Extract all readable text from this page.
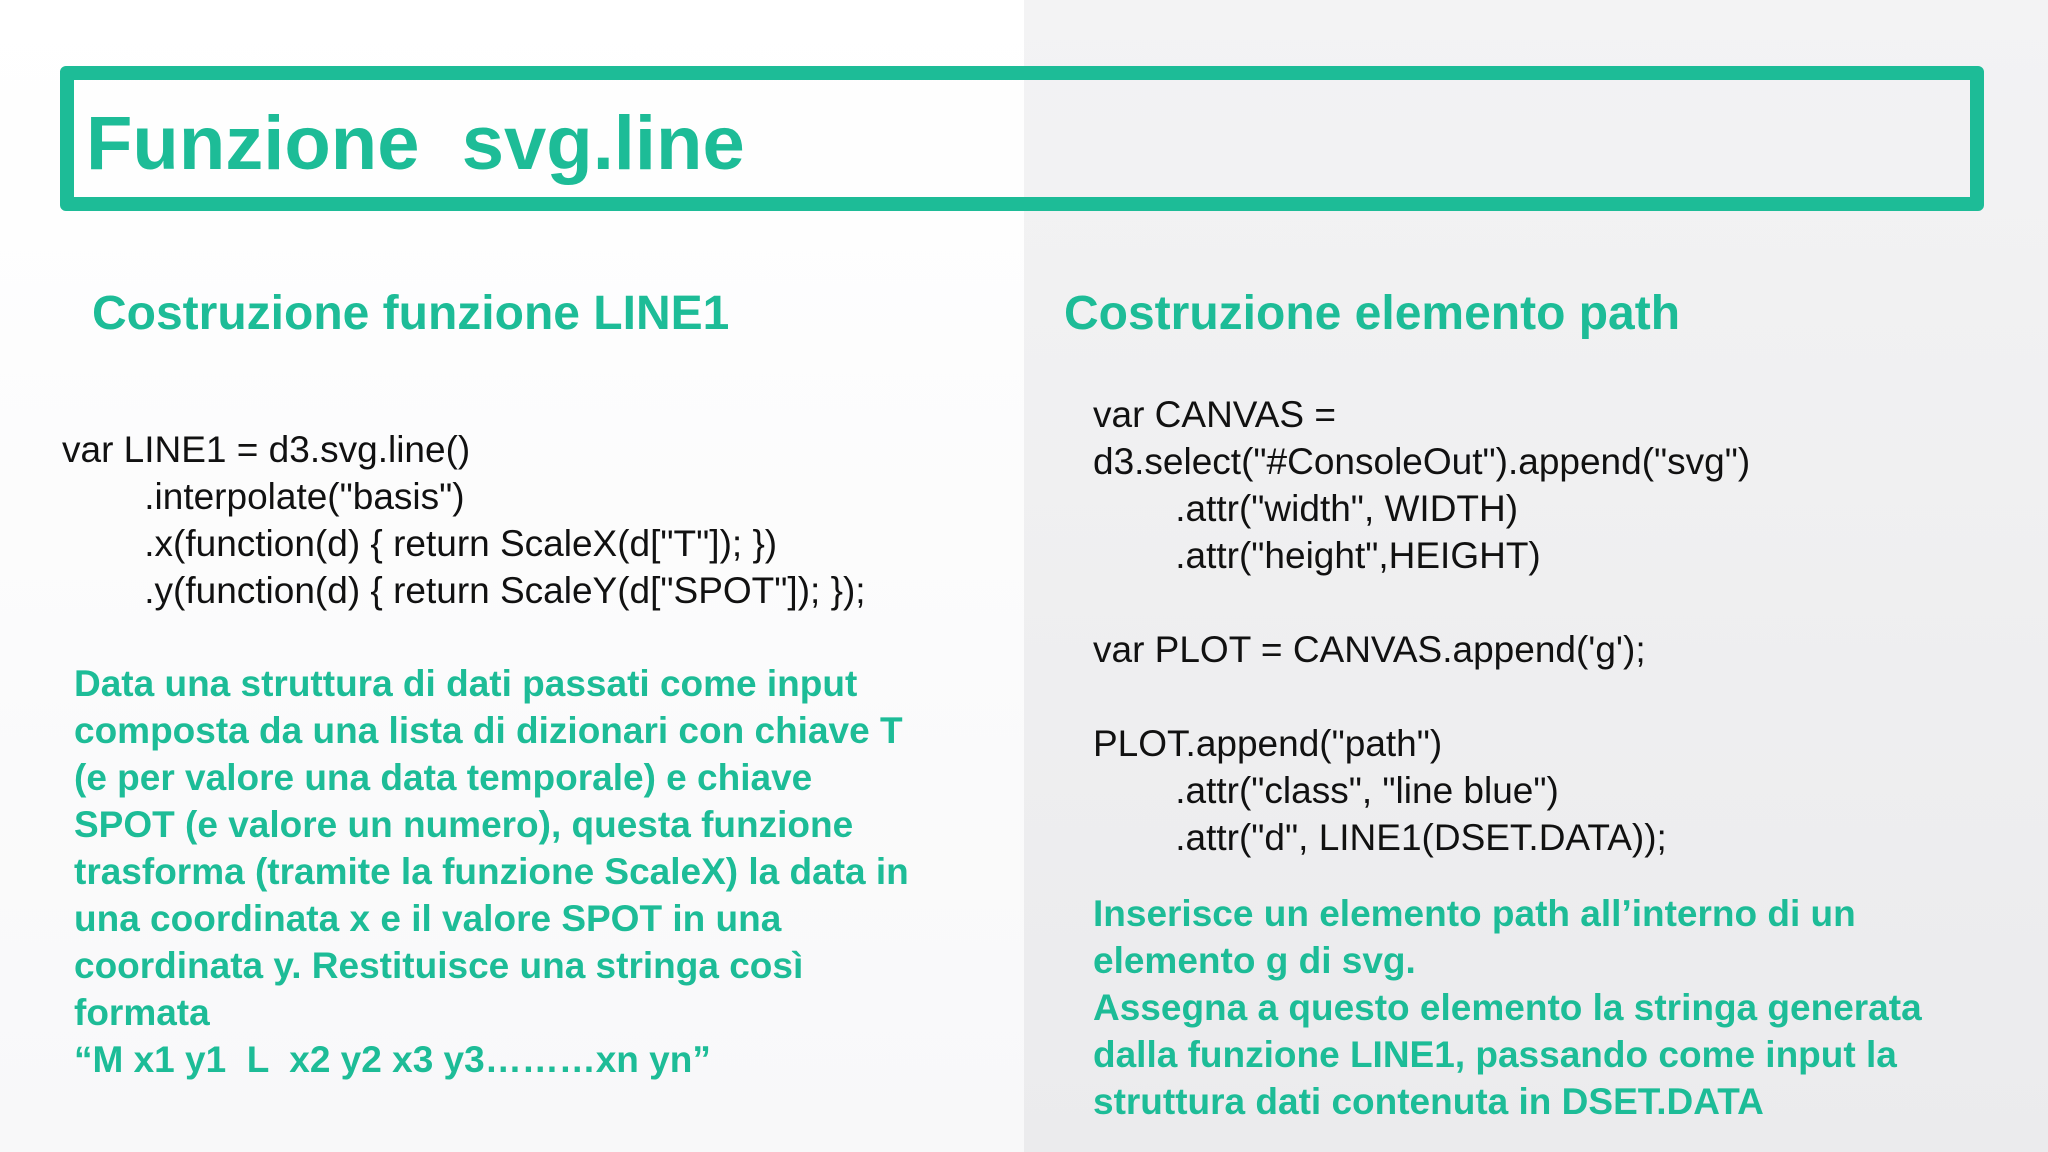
Funzione  svg.line
Costruzione funzione LINE1	Costruzione elemento path
var LINE1 = d3.svg.line()
.interpolate("basis")
.x(function(d) { return ScaleX(d["T"]); })
.y(function(d) { return ScaleY(d["SPOT"]); });
Data una struttura di dati passati come input
composta da una lista di dizionari con chiave T
(e per valore una data temporale) e chiave
SPOT (e valore un numero), questa funzione
trasforma (tramite la funzione ScaleX) la data in
una coordinata x e il valore SPOT in una
coordinata y. Restituisce una stringa così
formata
“M x1 y1  L  x2 y2 x3 y3………xn yn”
var CANVAS =
d3.select("#ConsoleOut").append("svg")
.attr("width", WIDTH)
.attr("height",HEIGHT)

var PLOT = CANVAS.append('g');

PLOT.append("path")
.attr("class", "line blue")
.attr("d", LINE1(DSET.DATA));
Inserisce un elemento path all’interno di un
elemento g di svg.
Assegna a questo elemento la stringa generata
dalla funzione LINE1, passando come input la
struttura dati contenuta in DSET.DATA
